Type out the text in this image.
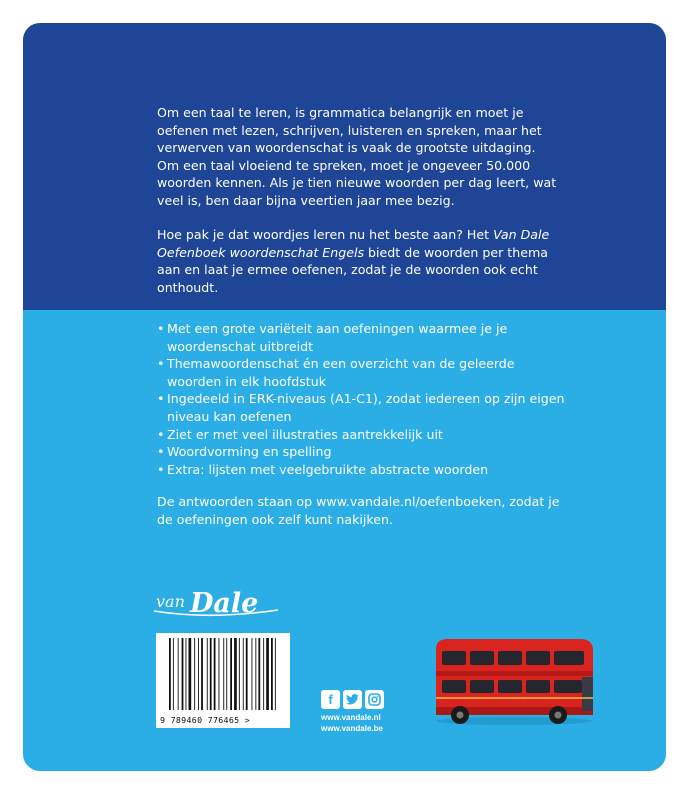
Om een taal te leren, is grammatica belangrijk en moet je oefenen met lezen, schrijven, luisteren en spreken, maar het verwerven van woordenschat is vaak de grootste uitdaging. Om een taal vloeiend te spreken, moet je ongeveer 50.000 woorden kennen. Als je tien nieuwe woorden per dag leert, wat veel is, ben daar bijna veertien jaar mee bezig.

Hoe pak je dat woordjes leren nu het beste aan? Het Van Dale Oefenboek woordenschat Engels biedt de woorden per thema aan en laat je ermee oefenen, zodat je de woorden ook echt onthoudt.

• Met een grote variëteit aan oefeningen waarmee je je woordenschat uitbreidt
• Themawoordenschat én een overzicht van de geleerde woorden in elk hoofdstuk
• Ingedeeld in ERK-niveaus (A1-C1), zodat iedereen op zijn eigen niveau kan oefenen
• Ziet er met veel illustraties aantrekkelijk uit
• Woordvorming en spelling
• Extra: lijsten met veelgebruikte abstracte woorden
De antwoorden staan op www.vandale.nl/oefenboeken, zodat je de oefeningen ook zelf kunt nakijken.
van Dale
9 789460 776465 >
f
www.vandale.nl
www.vandale.be
